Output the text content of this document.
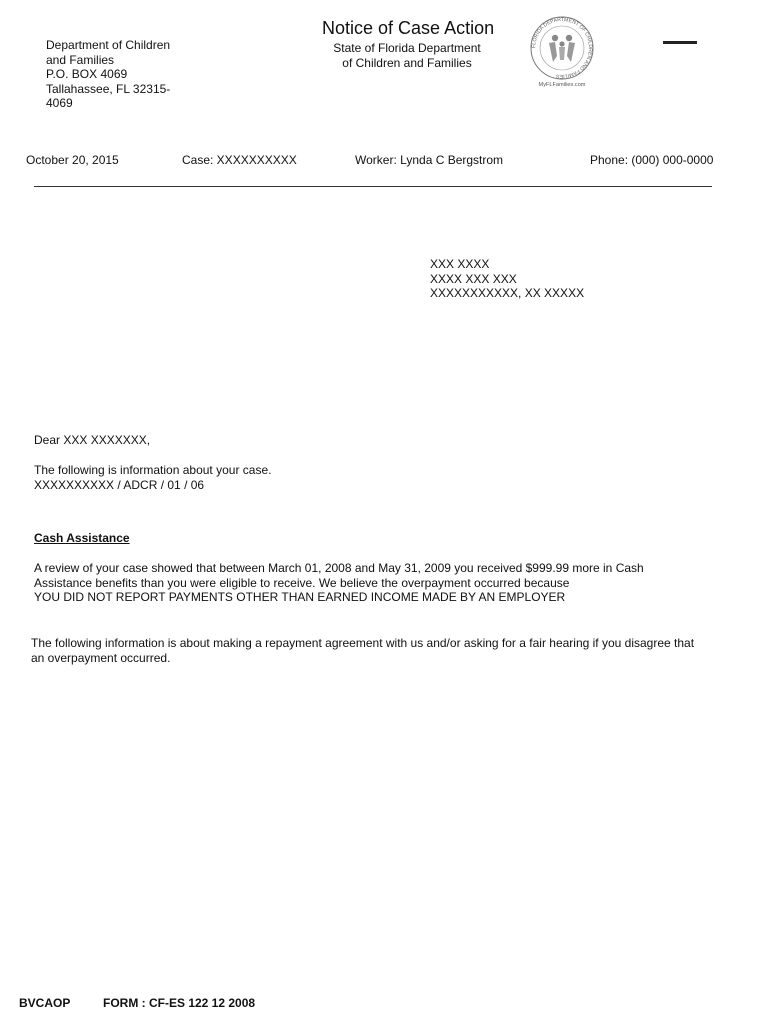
Department of Children
and Families
P.O. BOX 4069
Tallahassee, FL 32315-
4069
Notice of Case Action
State of Florida Department
of Children and Families
FLORIDA DEPARTMENT OF CHILDREN AND FAMILIES
MyFLFamilies.com
October 20, 2015	Case: XXXXXXXXXX	Worker: Lynda C Bergstrom	Phone: (000) 000-0000
XXX XXXX
XXXX XXX XXX
XXXXXXXXXXX, XX XXXXX
Dear XXX XXXXXXX,
The following is information about your case.
XXXXXXXXXX / ADCR / 01 / 06
Cash Assistance
A review of your case showed that between March 01, 2008 and May 31, 2009 you received $999.99 more in Cash
Assistance benefits than you were eligible to receive. We believe the overpayment occurred because
YOU DID NOT REPORT PAYMENTS OTHER THAN EARNED INCOME MADE BY AN EMPLOYER
The following information is about making a repayment agreement with us and/or asking for a fair hearing if you disagree that
an overpayment occurred.
BVCAOP	FORM : CF-ES 122 12 2008
